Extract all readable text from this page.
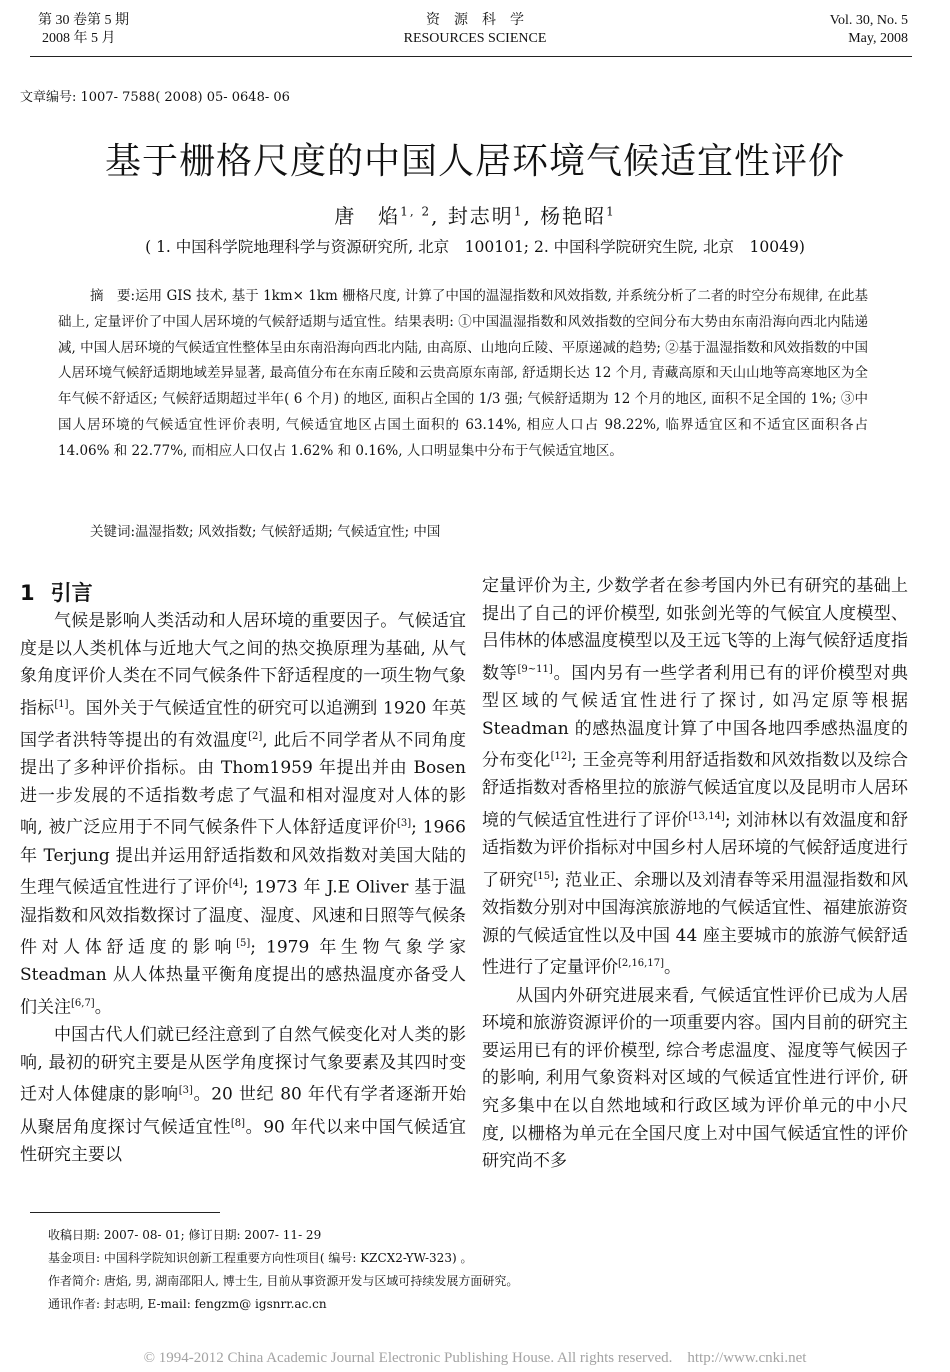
第 30 卷第 5 期
2008 年 5 月
资　源　科　学
RESOURCES SCIENCE
Vol. 30, No. 5
May, 2008
文章编号: 1007- 7588( 2008) 05- 0648- 06
基于栅格尺度的中国人居环境气候适宜性评价
唐　焰$^{1, 2}$, 封志明$^1$, 杨艳昭$^1$
( 1. 中国科学院地理科学与资源研究所, 北京　100101; 2. 中国科学院研究生院, 北京　10049)
摘　要:运用 GIS 技术, 基于 1km× 1km 栅格尺度, 计算了中国的温湿指数和风效指数, 并系统分析了二者的时空分布规律, 在此基础上, 定量评价了中国人居环境的气候舒适期与适宜性。结果表明: ①中国温湿指数和风效指数的空间分布大势由东南沿海向西北内陆递减, 中国人居环境的气候适宜性整体呈由东南沿海向西北内陆, 由高原、山地向丘陵、平原递减的趋势; ②基于温湿指数和风效指数的中国人居环境气候舒适期地域差异显著, 最高值分布在东南丘陵和云贵高原东南部, 舒适期长达 12 个月, 青藏高原和天山山地等高寒地区为全年气候不舒适区; 气候舒适期超过半年( 6 个月) 的地区, 面积占全国的 1/3 强; 气候舒适期为 12 个月的地区, 面积不足全国的 1%; ③中国人居环境的气候适宜性评价表明, 气候适宜地区占国土面积的 63.14%, 相应人口占 98.22%, 临界适宜区和不适宜区面积各占 14.06% 和 22.77%, 而相应人口仅占 1.62% 和 0.16%, 人口明显集中分布于气候适宜地区。
关键词:温湿指数; 风效指数; 气候舒适期; 气候适宜性; 中国
1 引言

气候是影响人类活动和人居环境的重要因子。气候适宜度是以人类机体与近地大气之间的热交换原理为基础, 从气象角度评价人类在不同气候条件下舒适程度的一项生物气象指标[1]。国外关于气候适宜性的研究可以追溯到 1920 年英国学者洪特等提出的有效温度[2], 此后不同学者从不同角度提出了多种评价指标。由 Thom1959 年提出并由 Bosen 进一步发展的不适指数考虑了气温和相对湿度对人体的影响, 被广泛应用于不同气候条件下人体舒适度评价[3]; 1966 年 Terjung 提出并运用舒适指数和风效指数对美国大陆的生理气候适宜性进行了评价[4]; 1973 年 J.E Oliver 基于温湿指数和风效指数探讨了温度、湿度、风速和日照等气候条件对人体舒适度的影响[5]; 1979 年生物气象学家 Steadman 从人体热量平衡角度提出的感热温度亦备受人们关注[6,7]。

中国古代人们就已经注意到了自然气候变化对人类的影响, 最初的研究主要是从医学角度探讨气象要素及其四时变迁对人体健康的影响[3]。20 世纪 80 年代有学者逐渐开始从聚居角度探讨气候适宜性[8]。90 年代以来中国气候适宜性研究主要以

定量评价为主, 少数学者在参考国内外已有研究的基础上提出了自己的评价模型, 如张剑光等的气候宜人度模型、吕伟林的体感温度模型以及王远飞等的上海气候舒适度指数等[9~11]。国内另有一些学者利用已有的评价模型对典型区域的气候适宜性进行了探讨, 如冯定原等根据 Steadman 的感热温度计算了中国各地四季感热温度的分布变化[12]; 王金亮等利用舒适指数和风效指数以及综合舒适指数对香格里拉的旅游气候适宜度以及昆明市人居环境的气候适宜性进行了评价[13,14]; 刘沛林以有效温度和舒适指数为评价指标对中国乡村人居环境的气候舒适度进行了研究[15]; 范业正、余珊以及刘清春等采用温湿指数和风效指数分别对中国海滨旅游地的气候适宜性、福建旅游资源的气候适宜性以及中国 44 座主要城市的旅游气候舒适性进行了定量评价[2,16,17]。

从国内外研究进展来看, 气候适宜性评价已成为人居环境和旅游资源评价的一项重要内容。国内目前的研究主要运用已有的评价模型, 综合考虑温度、湿度等气候因子的影响, 利用气象资料对区域的气候适宜性进行评价, 研究多集中在以自然地域和行政区域为评价单元的中小尺度, 以栅格为单元在全国尺度上对中国气候适宜性的评价研究尚不多

收稿日期: 2007- 08- 01; 修订日期: 2007- 11- 29
基金项目: 中国科学院知识创新工程重要方向性项目( 编号: KZCX2-YW-323) 。
作者简介: 唐焰, 男, 湖南邵阳人, 博士生, 目前从事资源开发与区域可持续发展方面研究。
通讯作者: 封志明, E-mail: fengzm@ igsnrr.ac.cn
© 1994-2012 China Academic Journal Electronic Publishing House. All rights reserved.　http://www.cnki.net
